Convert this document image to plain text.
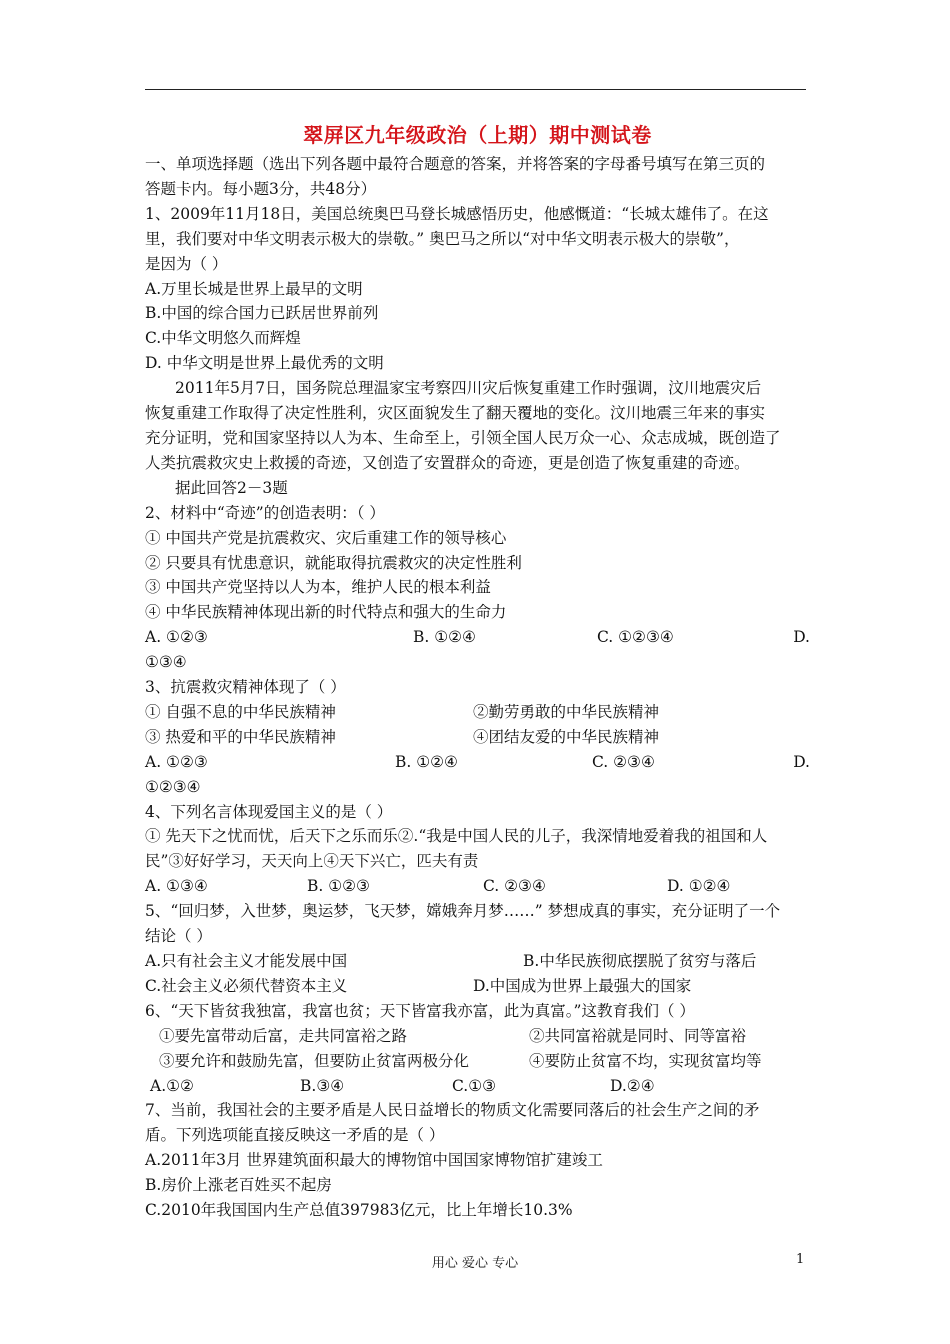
翠屏区九年级政治（上期）期中测试卷
一、单项选择题（选出下列各题中最符合题意的答案，并将答案的字母番号填写在第三页的
答题卡内。每小题3分，共48分）
1、2009年11月18日，美国总统奥巴马登长城感悟历史，他感慨道：“长城太雄伟了。在这
里，我们要对中华文明表示极大的崇敬。” 奥巴马之所以“对中华文明表示极大的崇敬”，
是因为（ ）
A.万里长城是世界上最早的文明
B.中国的综合国力已跃居世界前列
C.中华文明悠久而辉煌
D. 中华文明是世界上最优秀的文明
2011年5月7日，国务院总理温家宝考察四川灾后恢复重建工作时强调，汶川地震灾后
恢复重建工作取得了决定性胜利，灾区面貌发生了翻天覆地的变化。汶川地震三年来的事实
充分证明，党和国家坚持以人为本、生命至上，引领全国人民万众一心、众志成城，既创造了
人类抗震救灾史上救援的奇迹，又创造了安置群众的奇迹，更是创造了恢复重建的奇迹。
据此回答2－3题
2、材料中“奇迹”的创造表明：（ ）
① 中国共产党是抗震救灾、灾后重建工作的领导核心
② 只要具有忧患意识，就能取得抗震救灾的决定性胜利
③ 中国共产党坚持以人为本，维护人民的根本利益
④ 中华民族精神体现出新的时代特点和强大的生命力
A. ①②③	B. ①②④	C. ①②③④	D.
①③④
3、抗震救灾精神体现了（ ）
① 自强不息的中华民族精神	②勤劳勇敢的中华民族精神
③ 热爱和平的中华民族精神	④团结友爱的中华民族精神
A. ①②③	B. ①②④	C. ②③④	D.
①②③④
4、下列名言体现爱国主义的是（ ）
① 先天下之忧而忧，后天下之乐而乐②.“我是中国人民的儿子，我深情地爱着我的祖国和人
民”③好好学习，天天向上④天下兴亡，匹夫有责
A. ①③④	B. ①②③	C. ②③④	D. ①②④
5、“回归梦，入世梦，奥运梦，飞天梦，嫦娥奔月梦……” 梦想成真的事实，充分证明了一个
结论（ ）
A.只有社会主义才能发展中国	B.中华民族彻底摆脱了贫穷与落后
C.社会主义必须代替资本主义	D.中国成为世界上最强大的国家
6、“天下皆贫我独富，我富也贫；天下皆富我亦富，此为真富。”这教育我们（ ）
①要先富带动后富，走共同富裕之路	②共同富裕就是同时、同等富裕
③要允许和鼓励先富，但要防止贫富两极分化	④要防止贫富不均，实现贫富均等
A.①②	B.③④	C.①③	D.②④
7、当前，我国社会的主要矛盾是人民日益增长的物质文化需要同落后的社会生产之间的矛
盾。下列选项能直接反映这一矛盾的是（ ）
A.2011年3月 世界建筑面积最大的博物馆中国国家博物馆扩建竣工
B.房价上涨老百姓买不起房
C.2010年我国国内生产总值397983亿元，比上年增长10.3%
用心 爱心 专心	1
